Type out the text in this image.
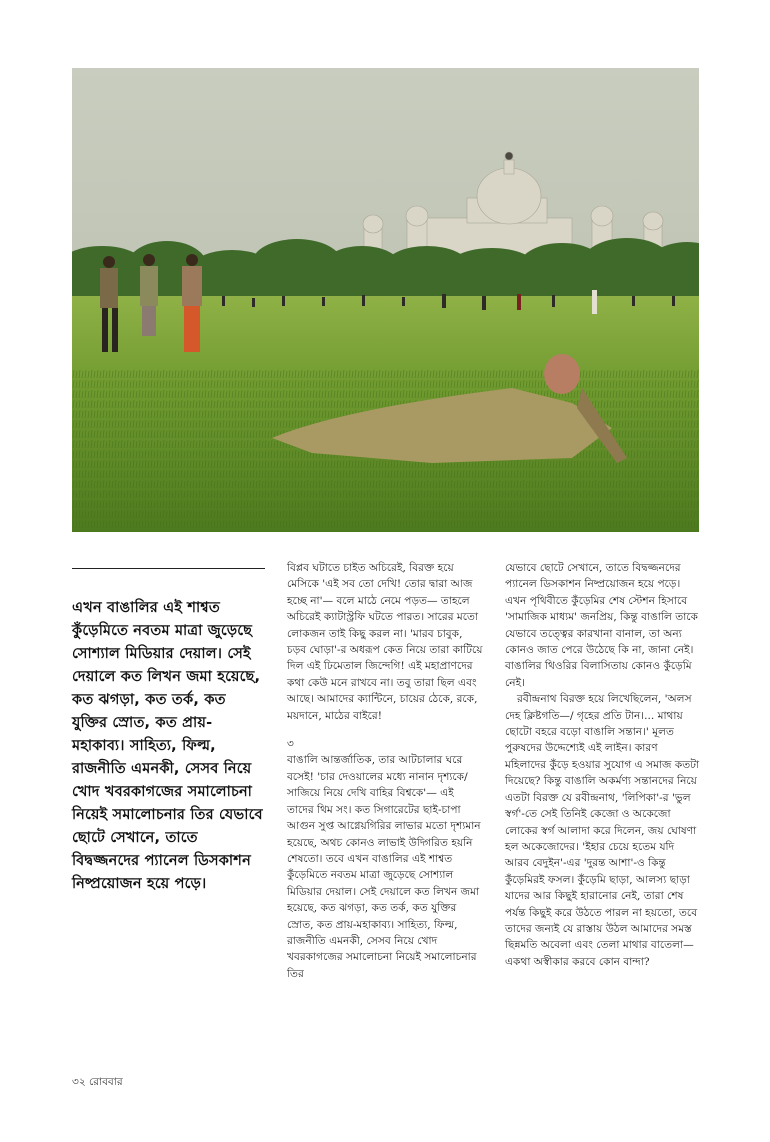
এখন বাঙালির এই শাশ্বত কুঁড়েমিতে নবতম মাত্রা জুড়েছে সোশ্যাল মিডিয়ার দেয়াল। সেই দেয়ালে কত লিখন জমা হয়েছে, কত ঝগড়া, কত তর্ক, কত যুক্তির স্রোত, কত প্রায়-মহাকাব্য। সাহিত্য, ফিল্ম, রাজনীতি এমনকী, সেসব নিয়ে খোদ খবরকাগজের সমালোচনা নিয়েই সমালোচনার তির যেভাবে ছোটে সেখানে, তাতে বিদ্বজ্জনদের প্যানেল ডিসকাশন নিষ্প্রয়োজন হয়ে পড়ে।

বিপ্লব ঘটাতে চাইত অচিরেই, বিরক্ত হয়ে মেসিকে 'এই সব তো দেখি! তোর দ্বারা আজ হচ্ছে না'— বলে মাঠে নেমে পড়ত— তাহলে অচিরেই ক্যাটাস্ট্রফি ঘটতে পারত। সারের মতো লোকজন তাই কিছু করল না। 'মারব চাবুক, চড়ব ঘোড়া'-র অধরূপ কেত নিয়ে তারা কাটিয়ে দিল এই ঢিমেতাল জিন্দেগি! এই মহাপ্রাণদের কথা কেউ মনে রাখবে না। তবু তারা ছিল এবং আছে। আমাদের ক্যান্টিনে, চায়ের ঠেকে, রকে, ময়দানে, মাঠের বাইরে!

৩

বাঙালি আন্তর্জাতিক, তার আটচালার ঘরে বসেই! 'চার দেওয়ালের মধ্যে নানান দৃশ্যকে/ সাজিয়ে নিয়ে দেখি বাহির বিশ্বকে'— এই তাদের থিম সং। কত সিগারেটের ছাই-চাপা আগুন সুপ্ত আগ্নেয়গিরির লাভার মতো দৃশ্যমান হয়েছে, অথচ কোনও লাভাই উদ্গিরিত হয়নি শেষতো। তবে এখন বাঙালির এই শাশ্বত কুঁড়েমিতে নবতম মাত্রা জুড়েছে সোশ্যাল মিডিয়ার দেয়াল। সেই দেয়ালে কত লিখন জমা হয়েছে, কত ঝগড়া, কত তর্ক, কত যুক্তির স্রোত, কত প্রায়-মহাকাব্য। সাহিত্য, ফিল্ম, রাজনীতি এমনকী, সেসব নিয়ে খোদ খবরকাগজের সমালোচনা নিয়েই সমালোচনার তির

যেভাবে ছোটে সেখানে, তাতে বিদ্বজ্জনদের প্যানেল ডিসকাশন নিষ্প্রয়োজন হয়ে পড়ে। এখন পৃথিবীতে কুঁড়েমির শেষ স্টেশন হিসাবে 'সামাজিক মাধ্যম' জনপ্রিয়, কিন্তু বাঙালি তাকে যেভাবে তত্ত্বের কারখানা বানাল, তা অন্য কোনও জাত পেরে উঠেছে কি না, জানা নেই। বাঙালির থিওরির বিলাসিতায় কোনও কুঁড়েমি নেই।

রবীন্দ্রনাথ বিরক্ত হয়ে লিখেছিলেন, 'অলস দেহ ক্লিষ্টগতি—/ গৃহের প্রতি টান।... মাথায় ছোটো বহরে বড়ো বাঙালি সন্তান।' মূলত পুরুষদের উদ্দেশ্যেই এই লাইন। কারণ মহিলাদের কুঁড়ে হওয়ার সুযোগ এ সমাজ কতটা দিয়েছে? কিন্তু বাঙালি অকর্মণ্য সন্তানদের নিয়ে এতটা বিরক্ত যে রবীন্দ্রনাথ, 'লিপিকা'-র 'ভুল স্বর্গ'-তে সেই তিনিই কেজো ও অকেজো লোকের স্বর্গ আলাদা করে দিলেন, জয় ঘোষণা হল অকেজোদের। 'ইহার চেয়ে হতেম যদি আরব বেদুইন'-এর 'দুরন্ত আশা'-ও কিন্তু কুঁড়েমিরই ফসল। কুঁড়েমি ছাড়া, আলস্য ছাড়া যাদের আর কিছুই হারানোর নেই, তারা শেষ পর্যন্ত কিছুই করে উঠতে পারল না হয়তো, তবে তাদের জন্যই যে রাস্তায় উঠল আমাদের সমস্ত ছিন্নমতি অবেলা এবং তেলা মাথার বাতেলা— একথা অস্বীকার করবে কোন বান্দা?

৩২ রোববার
